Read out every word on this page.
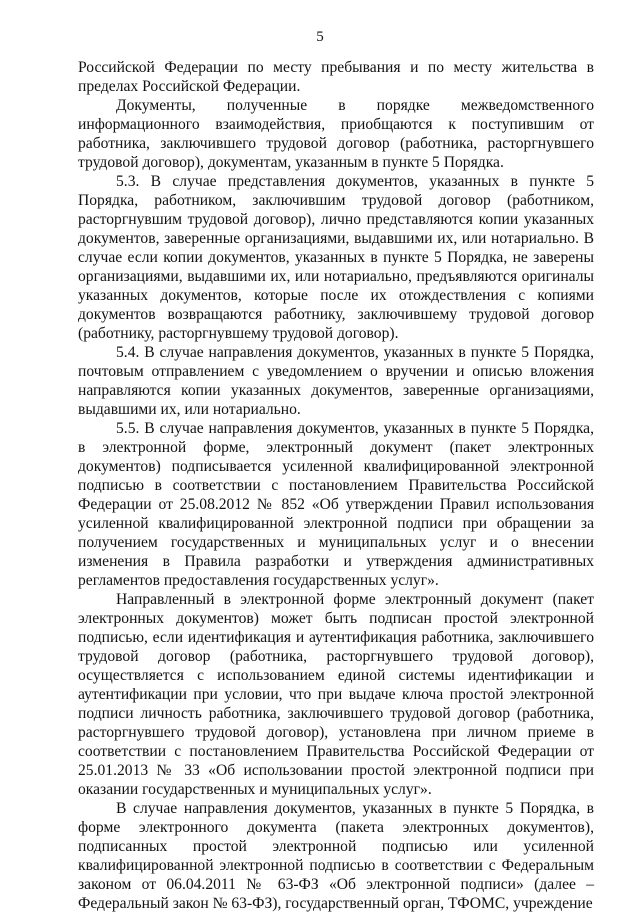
5

Российской Федерации по месту пребывания и по месту жительства в пределах Российской Федерации.

Документы, полученные в порядке межведомственного информационного взаимодействия, приобщаются к поступившим от работника, заключившего трудовой договор (работника, расторгнувшего трудовой договор), документам, указанным в пункте 5 Порядка.

5.3. В случае представления документов, указанных в пункте 5 Порядка, работником, заключившим трудовой договор (работником, расторгнувшим трудовой договор), лично представляются копии указанных документов, заверенные организациями, выдавшими их, или нотариально. В случае если копии документов, указанных в пункте 5 Порядка, не заверены организациями, выдавшими их, или нотариально, предъявляются оригиналы указанных документов, которые после их отождествления с копиями документов возвращаются работнику, заключившему трудовой договор (работнику, расторгнувшему трудовой договор).

5.4. В случае направления документов, указанных в пункте 5 Порядка, почтовым отправлением с уведомлением о вручении и описью вложения направляются копии указанных документов, заверенные организациями, выдавшими их, или нотариально.

5.5. В случае направления документов, указанных в пункте 5 Порядка, в электронной форме, электронный документ (пакет электронных документов) подписывается усиленной квалифицированной электронной подписью в соответствии с постановлением Правительства Российской Федерации от 25.08.2012 № 852 «Об утверждении Правил использования усиленной квалифицированной электронной подписи при обращении за получением государственных и муниципальных услуг и о внесении изменения в Правила разработки и утверждения административных регламентов предоставления государственных услуг».

Направленный в электронной форме электронный документ (пакет электронных документов) может быть подписан простой электронной подписью, если идентификация и аутентификация работника, заключившего трудовой договор (работника, расторгнувшего трудовой договор), осуществляется с использованием единой системы идентификации и аутентификации при условии, что при выдаче ключа простой электронной подписи личность работника, заключившего трудовой договор (работника, расторгнувшего трудовой договор), установлена при личном приеме в соответствии с постановлением Правительства Российской Федерации от 25.01.2013 № 33 «Об использовании простой электронной подписи при оказании государственных и муниципальных услуг».

В случае направления документов, указанных в пункте 5 Порядка, в форме электронного документа (пакета электронных документов), подписанных простой электронной подписью или усиленной квалифицированной электронной подписью в соответствии с Федеральным законом от 06.04.2011 № 63-ФЗ «Об электронной подписи» (далее – Федеральный закон № 63-ФЗ), государственный орган, ТФОМС, учреждение
